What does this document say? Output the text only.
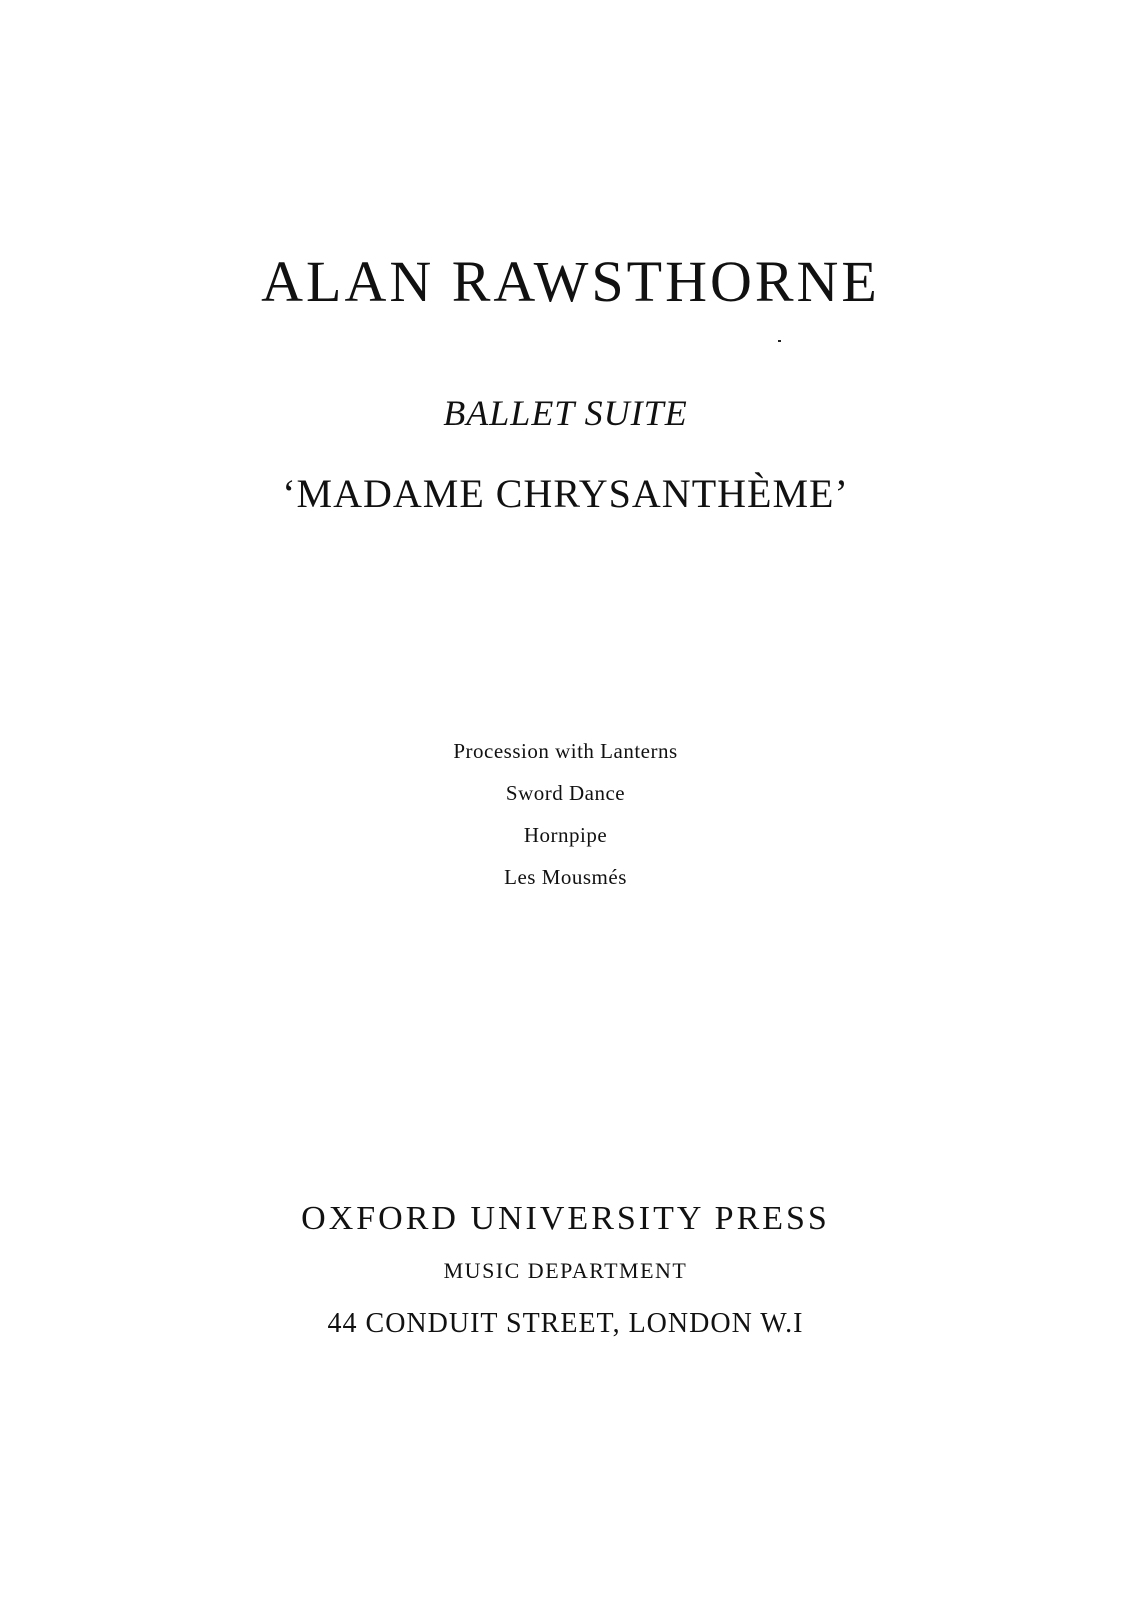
ALAN RAWSTHORNE
BALLET SUITE
‘MADAME CHRYSANTHÈME’
Procession with Lanterns
Sword Dance
Hornpipe
Les Mousmés
OXFORD UNIVERSITY PRESS
MUSIC DEPARTMENT
44 CONDUIT STREET, LONDON W.I
